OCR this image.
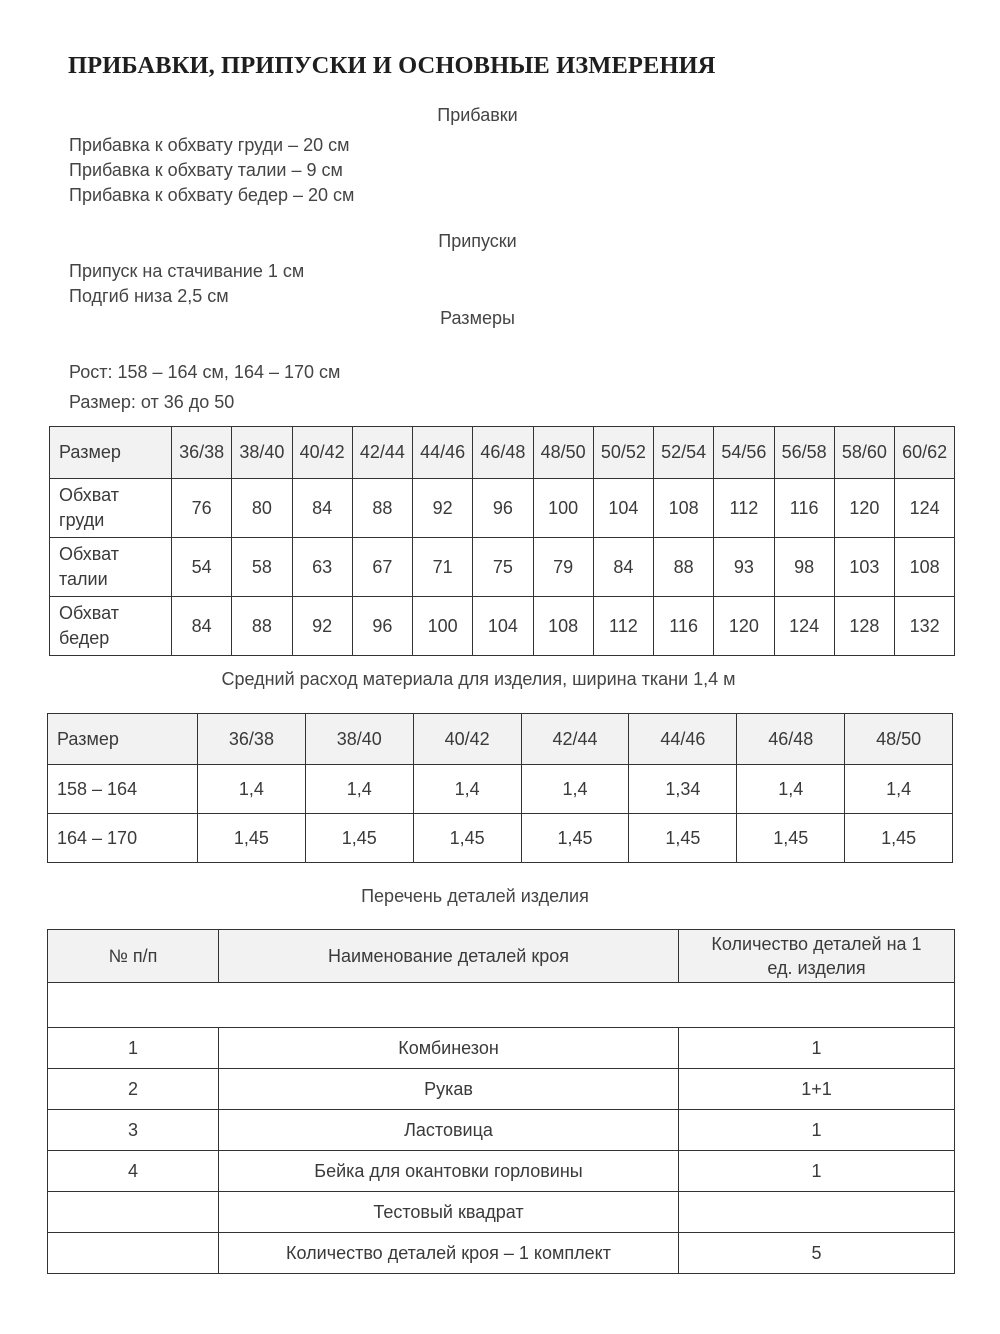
ПРИБАВКИ, ПРИПУСКИ И ОСНОВНЫЕ ИЗМЕРЕНИЯ
Прибавки
Прибавка к обхвату груди – 20 см
Прибавка к обхвату талии – 9 см
Прибавка к обхвату бедер – 20 см
Припуски
Припуск на стачивание 1 см
Подгиб низа 2,5 см
Размеры
Рост: 158 – 164 см, 164 – 170 см
Размер: от 36 до 50
Размер	36/38	38/40	40/42	42/44	44/46	46/48	48/50	50/52	52/54	54/56	56/58	58/60	60/62

Обхват
груди	76	80	84	88	92	96	100	104	108	112	116	120	124

Обхват
талии	54	58	63	67	71	75	79	84	88	93	98	103	108

Обхват
бедер	84	88	92	96	100	104	108	112	116	120	124	128	132
Средний расход материала для изделия, ширина ткани 1,4 м
Размер	36/38	38/40	40/42	42/44	44/46	46/48	48/50
158 – 164	1,4	1,4	1,4	1,4	1,34	1,4	1,4
164 – 170	1,45	1,45	1,45	1,45	1,45	1,45	1,45
Перечень деталей изделия
№ п/п	Наименование деталей кроя	Количество деталей на 1 ед. изделия

1	Комбинезон	1
2	Рукав	1+1
3	Ластовица	1
4	Бейка для окантовки горловины	1
	Тестовый квадрат	
	Количество деталей кроя – 1 комплект	5
